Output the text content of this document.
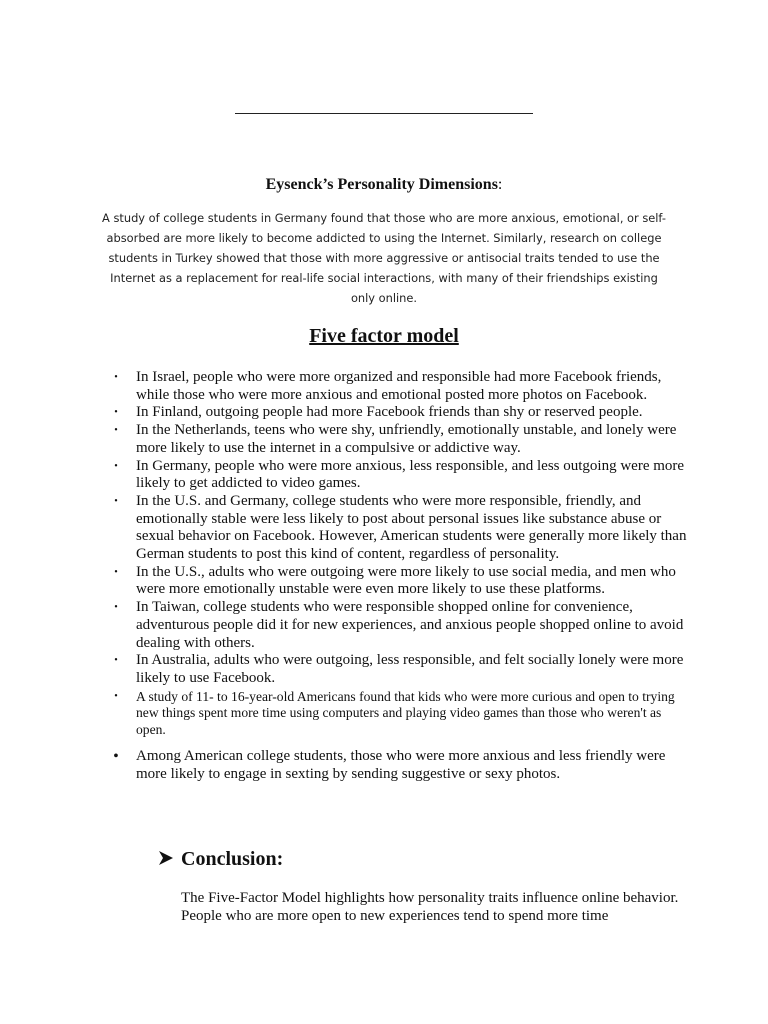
Eysenck’s Personality Dimensions:
A study of college students in Germany found that those who are more anxious, emotional, or self-absorbed are more likely to become addicted to using the Internet. Similarly, research on college students in Turkey showed that those with more aggressive or antisocial traits tended to use the Internet as a replacement for real-life social interactions, with many of their friendships existing only online.
Five factor model
• In Israel, people who were more organized and responsible had more Facebook friends, while those who were more anxious and emotional posted more photos on Facebook.
• In Finland, outgoing people had more Facebook friends than shy or reserved people.
• In the Netherlands, teens who were shy, unfriendly, emotionally unstable, and lonely were more likely to use the internet in a compulsive or addictive way.
• In Germany, people who were more anxious, less responsible, and less outgoing were more likely to get addicted to video games.
• In the U.S. and Germany, college students who were more responsible, friendly, and emotionally stable were less likely to post about personal issues like substance abuse or sexual behavior on Facebook. However, American students were generally more likely than German students to post this kind of content, regardless of personality.
• In the U.S., adults who were outgoing were more likely to use social media, and men who were more emotionally unstable were even more likely to use these platforms.
• In Taiwan, college students who were responsible shopped online for convenience, adventurous people did it for new experiences, and anxious people shopped online to avoid dealing with others.
• In Australia, adults who were outgoing, less responsible, and felt socially lonely were more likely to use Facebook.
•	A study of 11- to 16-year-old Americans found that kids who were more curious and open to trying new things spent more time using computers and playing video games than those who weren't as open.
• Among American college students, those who were more anxious and less friendly were more likely to engage in sexting by sending suggestive or sexy photos.
Conclusion:
The Five-Factor Model highlights how personality traits influence online behavior. People who are more open to new experiences tend to spend more time
